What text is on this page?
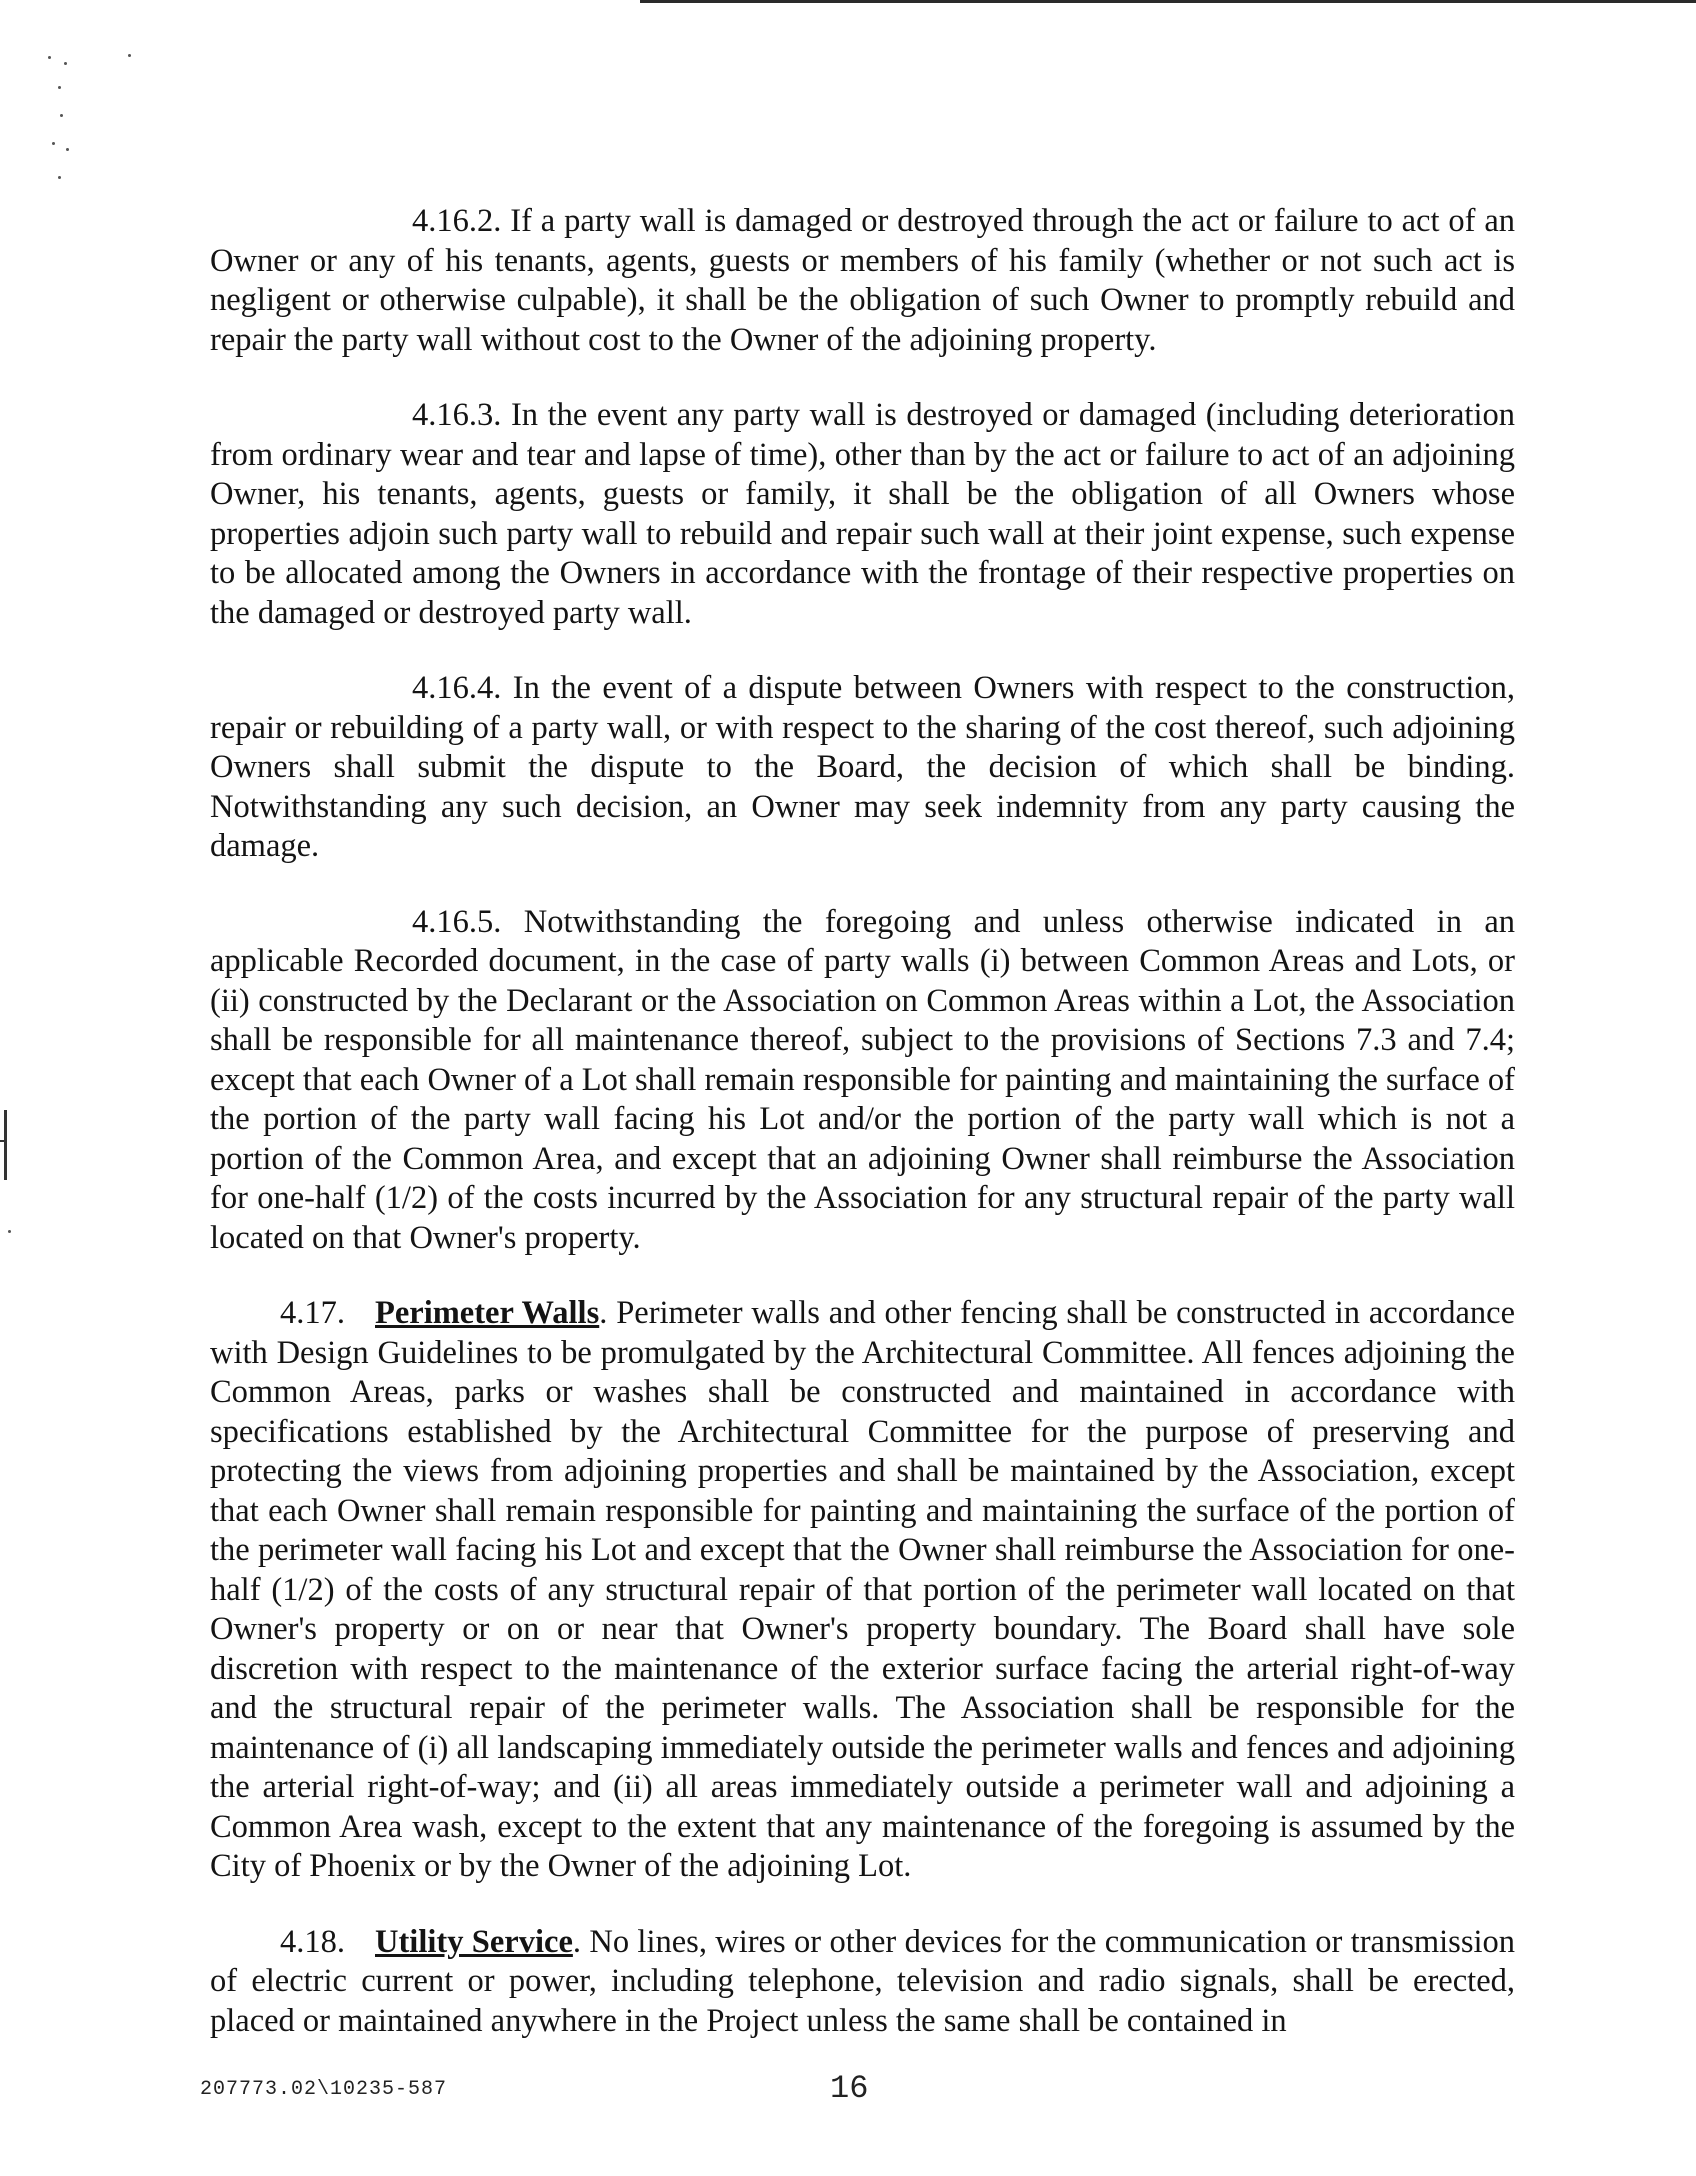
4.16.2. If a party wall is damaged or destroyed through the act or failure to act of an Owner or any of his tenants, agents, guests or members of his family (whether or not such act is negligent or otherwise culpable), it shall be the obligation of such Owner to promptly rebuild and repair the party wall without cost to the Owner of the adjoining property.

4.16.3. In the event any party wall is destroyed or damaged (including deterioration from ordinary wear and tear and lapse of time), other than by the act or failure to act of an adjoining Owner, his tenants, agents, guests or family, it shall be the obligation of all Owners whose properties adjoin such party wall to rebuild and repair such wall at their joint expense, such expense to be allocated among the Owners in accordance with the frontage of their respective properties on the damaged or destroyed party wall.

4.16.4. In the event of a dispute between Owners with respect to the construction, repair or rebuilding of a party wall, or with respect to the sharing of the cost thereof, such adjoining Owners shall submit the dispute to the Board, the decision of which shall be binding. Notwithstanding any such decision, an Owner may seek indemnity from any party causing the damage.

4.16.5. Notwithstanding the foregoing and unless otherwise indicated in an applicable Recorded document, in the case of party walls (i) between Common Areas and Lots, or (ii) constructed by the Declarant or the Association on Common Areas within a Lot, the Association shall be responsible for all maintenance thereof, subject to the provisions of Sections 7.3 and 7.4; except that each Owner of a Lot shall remain responsible for painting and maintaining the surface of the portion of the party wall facing his Lot and/or the portion of the party wall which is not a portion of the Common Area, and except that an adjoining Owner shall reimburse the Association for one-half (1/2) of the costs incurred by the Association for any structural repair of the party wall located on that Owner's property.

4.17. Perimeter Walls. Perimeter walls and other fencing shall be constructed in accordance with Design Guidelines to be promulgated by the Architectural Committee. All fences adjoining the Common Areas, parks or washes shall be constructed and maintained in accordance with specifications established by the Architectural Committee for the purpose of preserving and protecting the views from adjoining properties and shall be maintained by the Association, except that each Owner shall remain responsible for painting and maintaining the surface of the portion of the perimeter wall facing his Lot and except that the Owner shall reimburse the Association for one-half (1/2) of the costs of any structural repair of that portion of the perimeter wall located on that Owner's property or on or near that Owner's property boundary. The Board shall have sole discretion with respect to the maintenance of the exterior surface facing the arterial right-of-way and the structural repair of the perimeter walls. The Association shall be responsible for the maintenance of (i) all landscaping immediately outside the perimeter walls and fences and adjoining the arterial right-of-way; and (ii) all areas immediately outside a perimeter wall and adjoining a Common Area wash, except to the extent that any maintenance of the foregoing is assumed by the City of Phoenix or by the Owner of the adjoining Lot.

4.18. Utility Service. No lines, wires or other devices for the communication or transmission of electric current or power, including telephone, television and radio signals, shall be erected, placed or maintained anywhere in the Project unless the same shall be contained in

207773.02\10235-587	16
